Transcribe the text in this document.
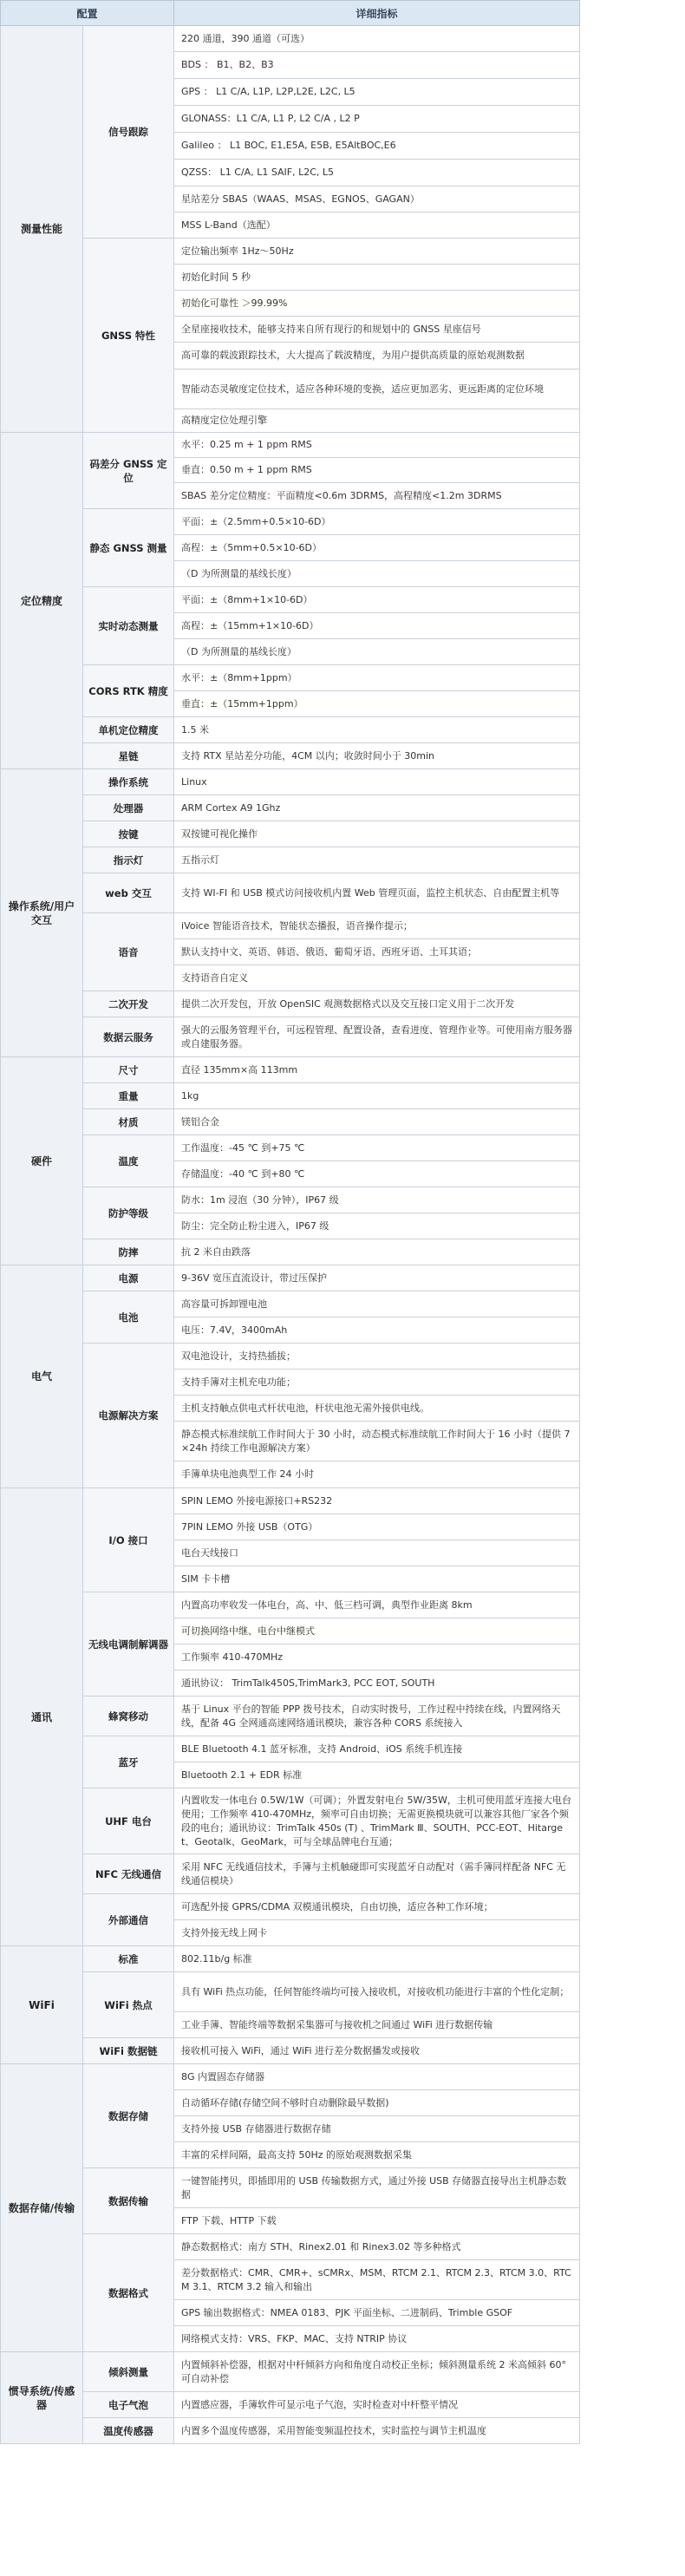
配置		详细指标
测量性能	信号跟踪	220 通道，390 通道（可选）
		BDS ： B1、B2、B3
		GPS ： L1 C/A, L1P, L2P,L2E, L2C, L5
		GLONASS：L1 C/A, L1 P, L2 C/A , L2 P
		Galileo ： L1 BOC, E1,E5A, E5B, E5AltBOC,E6
		QZSS： L1 C/A, L1 SAIF, L2C, L5
		星站差分 SBAS（WAAS、MSAS、EGNOS、GAGAN）
		MSS L-Band（选配）
	GNSS 特性	定位输出频率 1Hz～50Hz
		初始化时间 5 秒
		初始化可靠性 ＞99.99%
		全星座接收技术，能够支持来自所有现行的和规划中的 GNSS 星座信号
		高可靠的载波跟踪技术，大大提高了载波精度，为用户提供高质量的原始观测数据
		智能动态灵敏度定位技术，适应各种环境的变换，适应更加恶劣、更远距离的定位环境
		高精度定位处理引擎
定位精度	码差分 GNSS 定位	水平：0.25 m + 1 ppm RMS
		垂直：0.50 m + 1 ppm RMS
		SBAS 差分定位精度：平面精度<0.6m 3DRMS，高程精度<1.2m 3DRMS
	静态 GNSS 测量	平面：±（2.5mm+0.5×10-6D）
		高程：±（5mm+0.5×10-6D）
		（D 为所测量的基线长度）
	实时动态测量	平面：±（8mm+1×10-6D）
		高程：±（15mm+1×10-6D）
		（D 为所测量的基线长度）
	CORS RTK 精度	水平：±（8mm+1ppm）
		垂直：±（15mm+1ppm）
	单机定位精度	1.5 米
	星链	支持 RTX 星站差分功能，4CM 以内；收敛时间小于 30min
操作系统/用户交互	操作系统	Linux
	处理器	ARM Cortex A9 1Ghz
	按键	双按键可视化操作
	指示灯	五指示灯
	web 交互	支持 WI-FI 和 USB 模式访问接收机内置 Web 管理页面，监控主机状态、自由配置主机等
	语音	iVoice 智能语音技术，智能状态播报，语音操作提示；
		默认支持中文、英语、韩语、俄语、葡萄牙语、西班牙语、土耳其语；
		支持语音自定义
	二次开发	提供二次开发包，开放 OpenSIC 观测数据格式以及交互接口定义用于二次开发
	数据云服务	强大的云服务管理平台，可远程管理、配置设备，查看进度、管理作业等。可使用南方服务器或自建服务器。
硬件	尺寸	直径 135mm×高 113mm
	重量	1kg
	材质	镁铝合金
	温度	工作温度：-45 ℃ 到+75 ℃
		存储温度：-40 ℃ 到+80 ℃
	防护等级	防水：1m 浸泡（30 分钟），IP67 级
		防尘：完全防止粉尘进入，IP67 级
	防摔	抗 2 米自由跌落
电气	电源	9-36V 宽压直流设计，带过压保护
	电池	高容量可拆卸锂电池
		电压：7.4V，3400mAh
	电源解决方案	双电池设计，支持热插拔；
		支持手簿对主机充电功能；
		主机支持触点供电式杆状电池，杆状电池无需外接供电线。
		静态模式标准续航工作时间大于 30 小时，动态模式标准续航工作时间大于 16 小时（提供 7×24h 持续工作电源解决方案）
		手簿单块电池典型工作 24 小时
通讯	I/O 接口	SPIN LEMO 外接电源接口+RS232
		7PIN LEMO 外接 USB（OTG）
		电台天线接口
		SIM 卡卡槽
	无线电调制解调器	内置高功率收发一体电台，高、中、低三档可调，典型作业距离 8km
		可切换网络中继、电台中继模式
		工作频率 410-470MHz
		通讯协议： TrimTalk450S,TrimMark3, PCC EOT, SOUTH
	蜂窝移动	基于 Linux 平台的智能 PPP 拨号技术，自动实时拨号，工作过程中持续在线，内置网络天线，配备 4G 全网通高速网络通讯模块，兼容各种 CORS 系统接入
	蓝牙	BLE Bluetooth 4.1 蓝牙标准，支持 Android、iOS 系统手机连接
		Bluetooth 2.1 + EDR 标准
	UHF 电台	内置收发一体电台 0.5W/1W（可调）；外置发射电台 5W/35W，主机可使用蓝牙连接大电台使用；工作频率 410-470MHz，频率可自由切换；无需更换模块就可以兼容其他厂家各个频段的电台；通讯协议：TrimTalk 450s (T) 、TrimMark Ⅲ、SOUTH、PCC-EOT、Hitarget、Geotalk、GeoMark，可与全球品牌电台互通；
	NFC 无线通信	采用 NFC 无线通信技术，手簿与主机触碰即可实现蓝牙自动配对（需手簿同样配备 NFC 无线通信模块）
	外部通信	可选配外接 GPRS/CDMA 双模通讯模块，自由切换，适应各种工作环境；
		支持外接无线上网卡
WiFi	标准	802.11b/g 标准
	WiFi 热点	具有 WiFi 热点功能，任何智能终端均可接入接收机，对接收机功能进行丰富的个性化定制；
		工业手簿、智能终端等数据采集器可与接收机之间通过 WiFi 进行数据传输
	WiFi 数据链	接收机可接入 WiFi，通过 WiFi 进行差分数据播发或接收
数据存储/传输	数据存储	8G 内置固态存储器
		自动循环存储(存储空间不够时自动删除最早数据)
		支持外接 USB 存储器进行数据存储
		丰富的采样间隔，最高支持 50Hz 的原始观测数据采集
	数据传输	一键智能拷贝，即插即用的 USB 传输数据方式，通过外接 USB 存储器直接导出主机静态数据
		FTP 下载、HTTP 下载
	数据格式	静态数据格式：南方 STH、Rinex2.01 和 Rinex3.02 等多种格式
		差分数据格式：CMR、CMR+、sCMRx、MSM、RTCM 2.1、RTCM 2.3、RTCM 3.0、RTCM 3.1、RTCM 3.2 输入和输出
		GPS 输出数据格式：NMEA 0183、PJK 平面坐标、二进制码、Trimble GSOF
		网络模式支持：VRS、FKP、MAC、支持 NTRIP 协议
惯导系统/传感器	倾斜测量	内置倾斜补偿器，根据对中杆倾斜方向和角度自动校正坐标；倾斜测量系统 2 米高倾斜 60°可自动补偿
	电子气泡	内置感应器，手簿软件可显示电子气泡，实时检查对中杆整平情况
	温度传感器	内置多个温度传感器，采用智能变频温控技术，实时监控与调节主机温度
